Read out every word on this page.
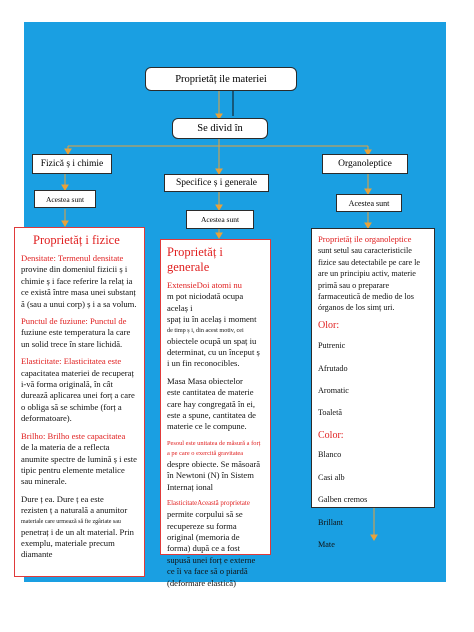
Proprietăț ile materiei
Se divid în
Fizică ș i chimie
Specifice ș i generale
Organoleptice
Acestea sunt
Acestea sunt
Acestea sunt
Proprietăț i fizice
Densitate: Termenul densitate

provine din domeniul fizicii ș i chimie ș i face referire la relaț ia ce există între masa unei substanț ă (sau a unui corp) ș i a sa volum.

Punctul de fuziune: Punctul de

fuziune este temperatura la care un solid trece în stare lichidă.

Elasticitate: Elasticitatea este

capacitatea materiei de recuperaț i-vă forma originală, în cât durează aplicarea unei forț a care o obliga să se schimbe (forț a deformatoare).

Brilho: Brilho este capacitatea

de la materia de a reflecta anumite spectre de lumină ș i este tipic pentru elemente metalice sau minerale.

Dure ț ea. Dure ț ea este
rezisten ț a naturală a anumitor
materiale care urmează să fie zgâriate sau
penetraț i de un alt material. Prin exemplu, materiale precum diamante
Proprietăț i generale
ExtensieDoi atomi nu
m pot niciodată ocupa acelaș i
spaț iu în acelaș i moment
de timp ș i, din acest motiv, cei

obiectele ocupă un spaț iu determinat, cu un început ș i un fin reconocibles.

Masa Masa obiectelor

este cantitatea de materie care hay congregată în ei, este a spune, cantitatea de materie ce le compune.

Pesoul este unitatea de măsură a forț a pe care o exercită gravitatea

despre obiecte. Se măsoară în Newtoni (N) în Sistem Internaț ional

ElasticitateAceastă proprietate
permite corpului să se recupereze su forma original (memoria de forma) după ce a fost supusă unei forț e externe ce îi va face să o piardă (deformare elastică)
Proprietăț ile organoleptice

sunt setul sau caracteristicile fizice sau detectabile pe care le are un principiu activ, materie primă sau o preparare farmaceutică de medio de los órganos de los simț uri.

Olor:
Putrenic
Afrutado
Aromatic
Toaletă
Color:
Blanco
Casi alb
Galben cremos
Brillant
Mate
